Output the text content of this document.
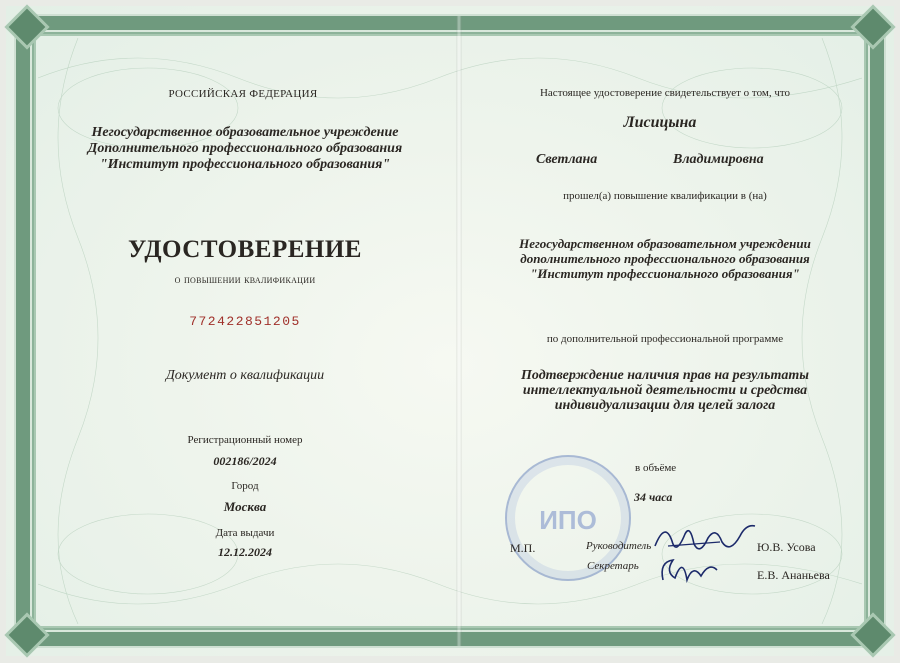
РОССИЙСКАЯ ФЕДЕРАЦИЯ
Негосударственное образовательное учреждение
Дополнительного профессионального образования
"Институт профессионального образования"
УДОСТОВЕРЕНИЕ
о повышении квалификации
772422851205
Документ о квалификации
Регистрационный номер
002186/2024
Город
Москва
Дата выдачи
12.12.2024
Настоящее удостоверение свидетельствует о том, что
Лисицына
Светлана	Владимировна
прошел(а) повышение квалификации в (на)
Негосударственном образовательном учреждении
дополнительного профессионального образования
"Институт профессионального образования"
по дополнительной профессиональной программе
Подтверждение наличия прав на результаты
интеллектуальной деятельности и средства
индивидуализации для целей залога
в объёме
34 часа
ИПО
М.П.	Руководитель	Ю.В. Усова
Секретарь
Е.В. Ананьева
